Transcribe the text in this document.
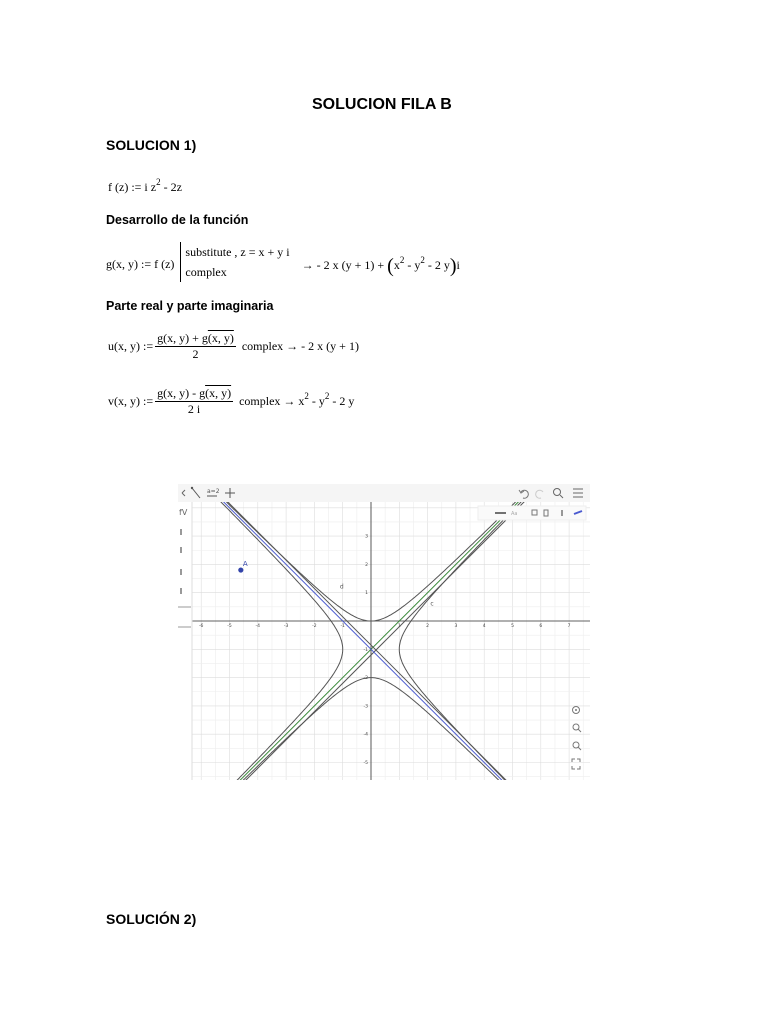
SOLUCION FILA B
SOLUCION 1)
f (z) := i $z^2 - 2z$
Desarrollo de la función
g(x, y) := f (z)
substitute , z = x + y i
complex
→ - 2 x $(y + 1) + (x^2 - y^2 - 2$ y)i
Parte real y parte imaginaria
u(x, y) := $\frac{g(x, y) + g(x, y)}{2}$ complex → - 2 x (y + 1)
v(x, y) := $\frac{g(x, y) - g(x, y)}{2 i}$ complex → $x^2 - y^2 - 2$ y
-6	-5	-4	-3	-2	-1	1	2	3	4	5	6	7
3
2
1
-1
-2
-3
-4
-5
fV
a=2
Aa
A
d
c
SOLUCIÓN 2)
